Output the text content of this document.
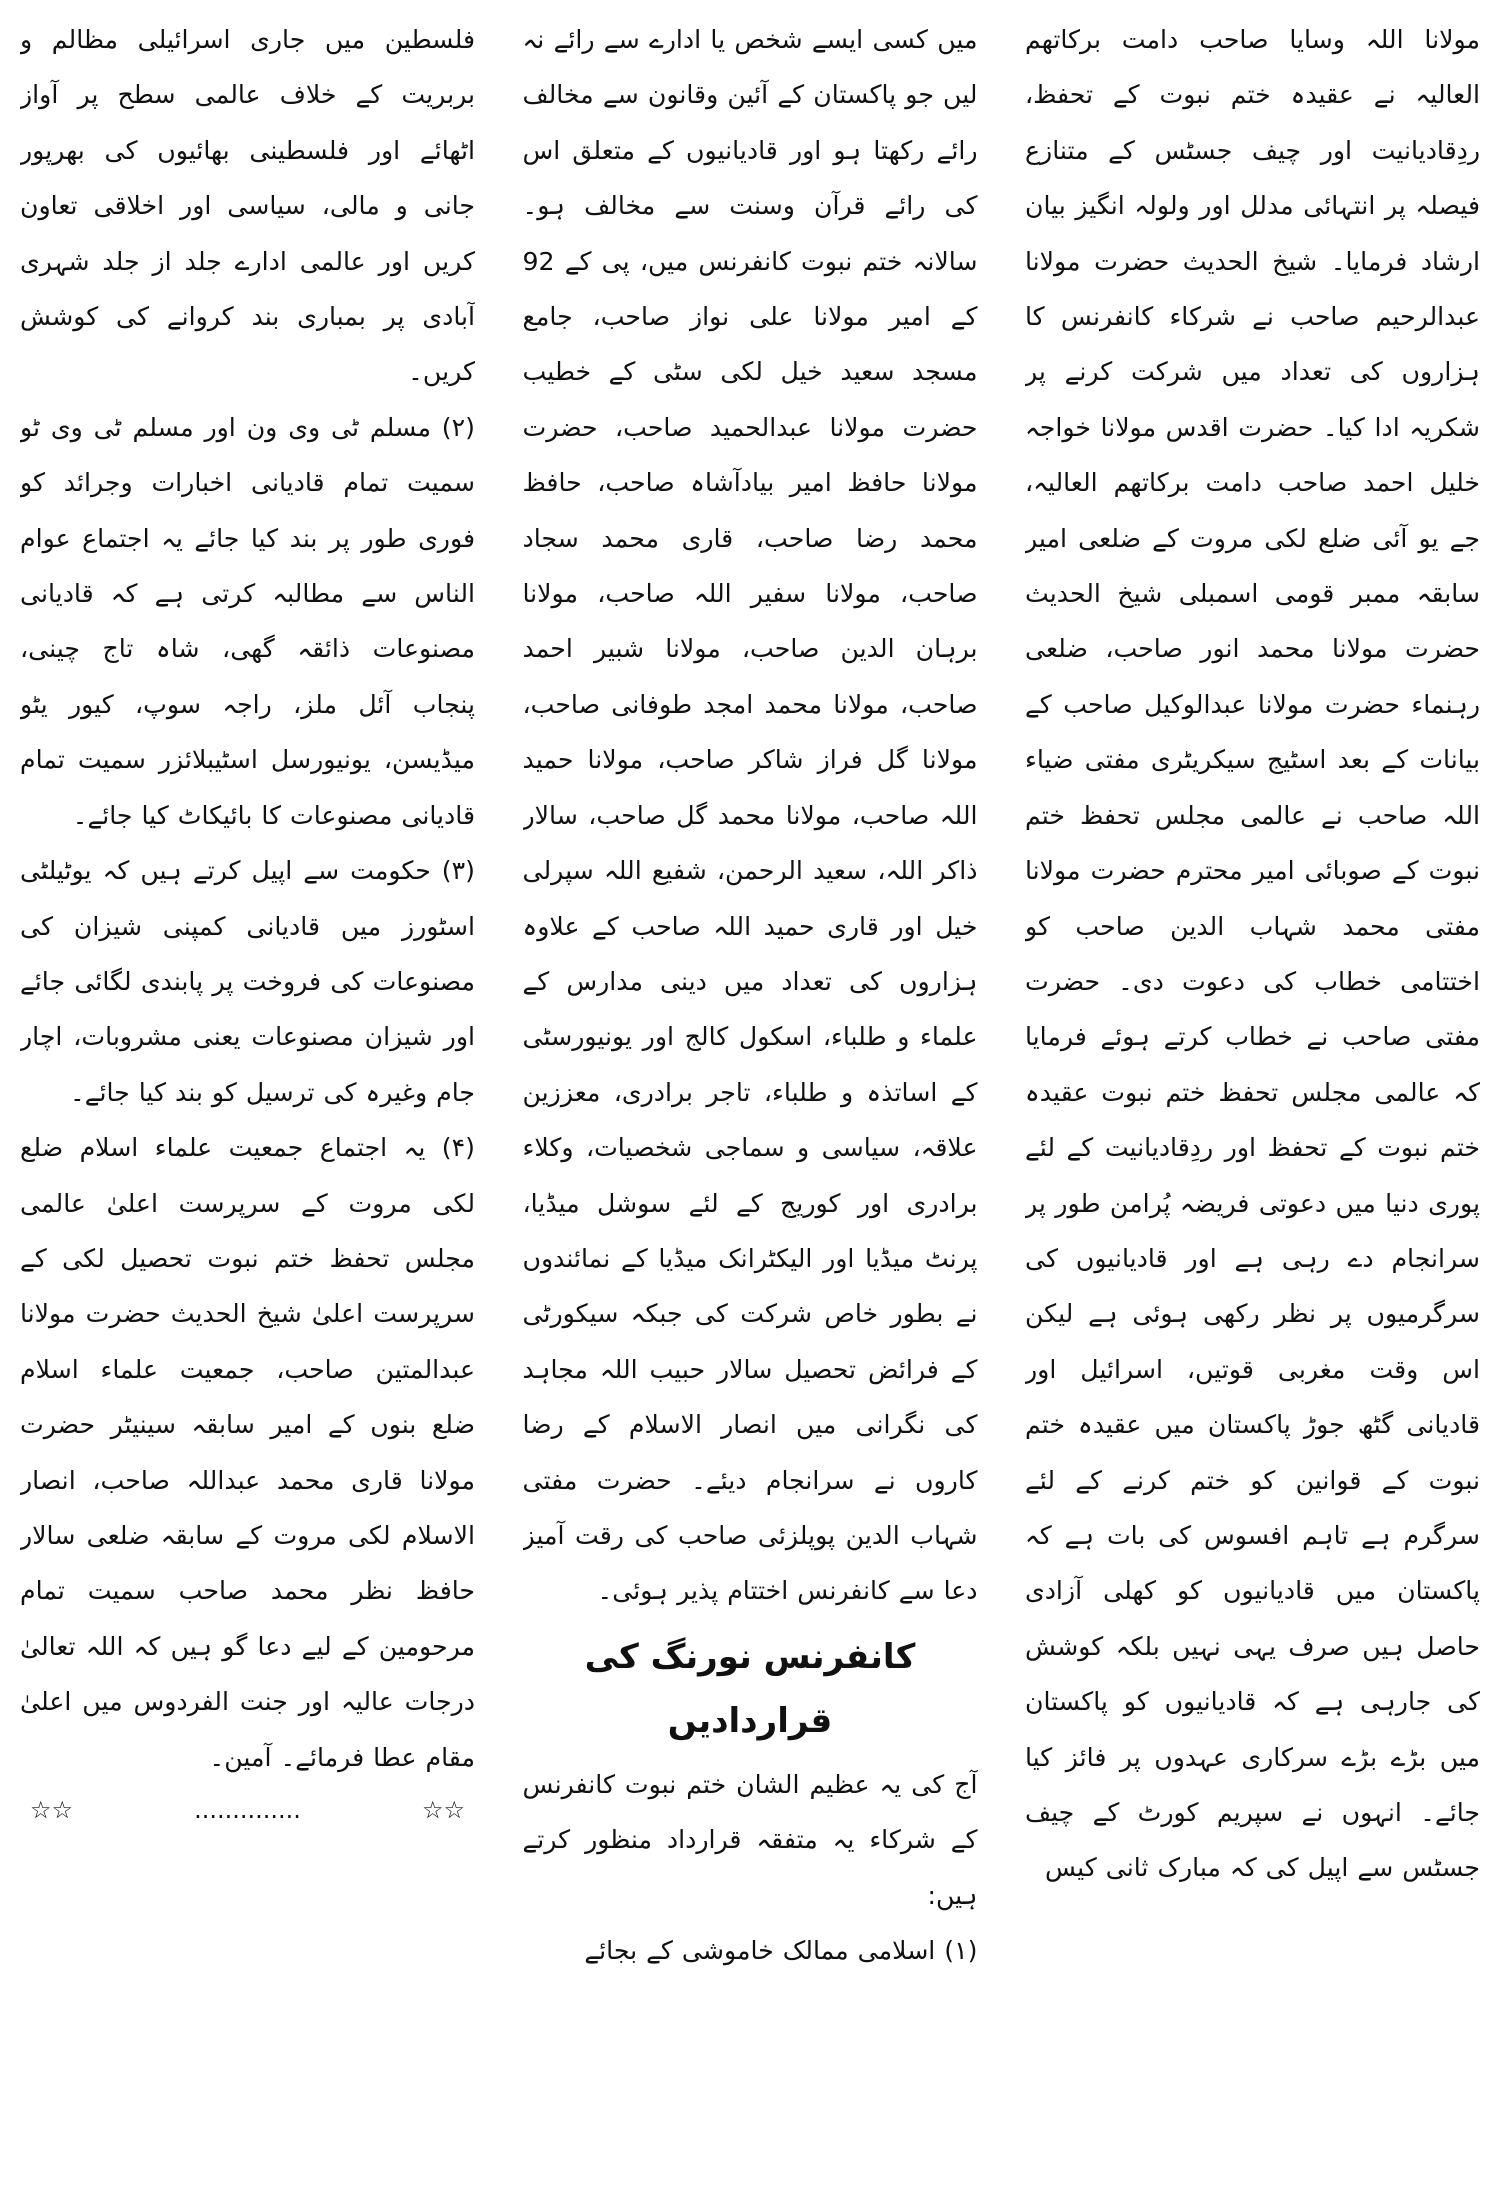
مولانا اللہ وسایا صاحب دامت برکاتھم العالیہ نے عقیدہ ختم نبوت کے تحفظ، ردِقادیانیت اور چیف جسٹس کے متنازع فیصلہ پر انتہائی مدلل اور ولولہ انگیز بیان ارشاد فرمایا۔ شیخ الحدیث حضرت مولانا عبدالرحیم صاحب نے شرکاء کانفرنس کا ہزاروں کی تعداد میں شرکت کرنے پر شکریہ ادا کیا۔ حضرت اقدس مولانا خواجہ خلیل احمد صاحب دامت برکاتھم العالیہ، جے یو آئی ضلع لکی مروت کے ضلعی امیر سابقہ ممبر قومی اسمبلی شیخ الحدیث حضرت مولانا محمد انور صاحب، ضلعی رہنماء حضرت مولانا عبدالوکیل صاحب کے بیانات کے بعد اسٹیج سیکریٹری مفتی ضیاء اللہ صاحب نے عالمی مجلس تحفظ ختم نبوت کے صوبائی امیر محترم حضرت مولانا مفتی محمد شہاب الدین صاحب کو اختتامی خطاب کی دعوت دی۔ حضرت مفتی صاحب نے خطاب کرتے ہوئے فرمایا کہ عالمی مجلس تحفظ ختم نبوت عقیدہ ختم نبوت کے تحفظ اور ردِقادیانیت کے لئے پوری دنیا میں دعوتی فریضہ پُرامن طور پر سرانجام دے رہی ہے اور قادیانیوں کی سرگرمیوں پر نظر رکھی ہوئی ہے لیکن اس وقت مغربی قوتیں، اسرائیل اور قادیانی گٹھ جوڑ پاکستان میں عقیدہ ختم نبوت کے قوانین کو ختم کرنے کے لئے سرگرم ہے تاہم افسوس کی بات ہے کہ پاکستان میں قادیانیوں کو کھلی آزادی حاصل ہیں صرف یہی نہیں بلکہ کوشش کی جارہی ہے کہ قادیانیوں کو پاکستان میں بڑے بڑے سرکاری عہدوں پر فائز کیا جائے۔ انہوں نے سپریم کورٹ کے چیف جسٹس سے اپیل کی کہ مبارک ثانی کیس

میں کسی ایسے شخص یا ادارے سے رائے نہ لیں جو پاکستان کے آئین وقانون سے مخالف رائے رکھتا ہو اور قادیانیوں کے متعلق اس کی رائے قرآن وسنت سے مخالف ہو۔ سالانہ ختم نبوت کانفرنس میں، پی کے 92 کے امیر مولانا علی نواز صاحب، جامع مسجد سعید خیل لکی سٹی کے خطیب حضرت مولانا عبدالحمید صاحب، حضرت مولانا حافظ امیر بیادآشاہ صاحب، حافظ محمد رضا صاحب، قاری محمد سجاد صاحب، مولانا سفیر اللہ صاحب، مولانا برہان الدین صاحب، مولانا شبیر احمد صاحب، مولانا محمد امجد طوفانی صاحب، مولانا گل فراز شاکر صاحب، مولانا حمید اللہ صاحب، مولانا محمد گل صاحب، سالار ذاکر اللہ، سعید الرحمن، شفیع اللہ سپرلی خیل اور قاری حمید اللہ صاحب کے علاوہ ہزاروں کی تعداد میں دینی مدارس کے علماء و طلباء، اسکول کالج اور یونیورسٹی کے اساتذہ و طلباء، تاجر برادری، معززین علاقہ، سیاسی و سماجی شخصیات، وکلاء برادری اور کوریج کے لئے سوشل میڈیا، پرنٹ میڈیا اور الیکٹرانک میڈیا کے نمائندوں نے بطور خاص شرکت کی جبکہ سیکورٹی کے فرائض تحصیل سالار حبیب اللہ مجاہد کی نگرانی میں انصار الاسلام کے رضا کاروں نے سرانجام دیئے۔ حضرت مفتی شہاب الدین پوپلزئی صاحب کی رقت آمیز دعا سے کانفرنس اختتام پذیر ہوئی۔

کانفرنس نورنگ کی قراردادیں

آج کی یہ عظیم الشان ختم نبوت کانفرنس کے شرکاء یہ متفقہ قرارداد منظور کرتے ہیں:

(۱) اسلامی ممالک خاموشی کے بجائے

فلسطین میں جاری اسرائیلی مظالم و بربریت کے خلاف عالمی سطح پر آواز اٹھائے اور فلسطینی بھائیوں کی بھرپور جانی و مالی، سیاسی اور اخلاقی تعاون کریں اور عالمی ادارے جلد از جلد شہری آبادی پر بمباری بند کروانے کی کوشش کریں۔

(۲) مسلم ٹی وی ون اور مسلم ٹی وی ٹو سمیت تمام قادیانی اخبارات وجرائد کو فوری طور پر بند کیا جائے یہ اجتماع عوام الناس سے مطالبہ کرتی ہے کہ قادیانی مصنوعات ذائقہ گھی، شاہ تاج چینی، پنجاب آئل ملز، راجہ سوپ، کیور یٹو میڈیسن، یونیورسل اسٹیبلائزر سمیت تمام قادیانی مصنوعات کا بائیکاٹ کیا جائے۔

(۳) حکومت سے اپیل کرتے ہیں کہ یوٹیلٹی اسٹورز میں قادیانی کمپنی شیزان کی مصنوعات کی فروخت پر پابندی لگائی جائے اور شیزان مصنوعات یعنی مشروبات، اچار جام وغیرہ کی ترسیل کو بند کیا جائے۔

(۴) یہ اجتماع جمعیت علماء اسلام ضلع لکی مروت کے سرپرست اعلیٰ عالمی مجلس تحفظ ختم نبوت تحصیل لکی کے سرپرست اعلیٰ شیخ الحدیث حضرت مولانا عبدالمتین صاحب، جمعیت علماء اسلام ضلع بنوں کے امیر سابقہ سینیٹر حضرت مولانا قاری محمد عبداللہ صاحب، انصار الاسلام لکی مروت کے سابقہ ضلعی سالار حافظ نظر محمد صاحب سمیت تمام مرحومین کے لیے دعا گو ہیں کہ اللہ تعالیٰ درجات عالیہ اور جنت الفردوس میں اعلیٰ مقام عطا فرمائے۔ آمین۔

☆☆	..............	☆☆
